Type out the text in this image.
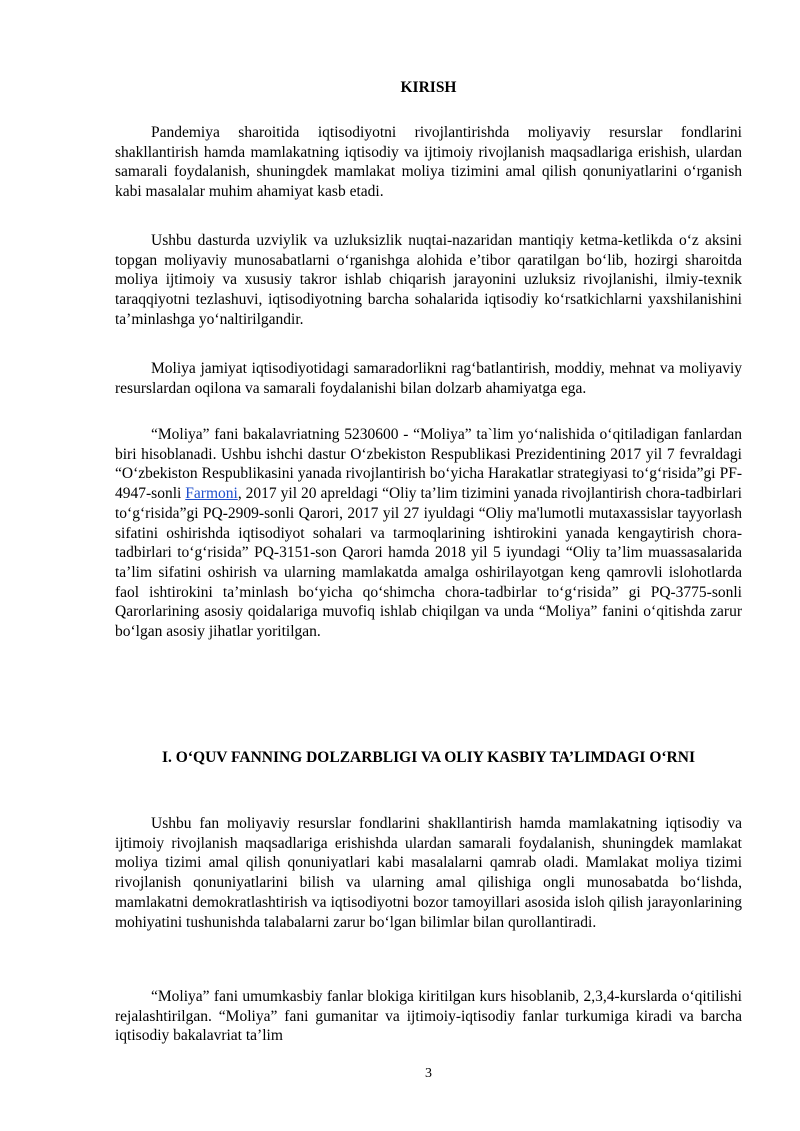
KIRISH

Pandemiya sharoitida iqtisodiyotni rivojlantirishda moliyaviy resurslar fondlarini shakllantirish hamda mamlakatning iqtisodiy va ijtimoiy rivojlanish maqsadlariga erishish, ulardan samarali foydalanish, shuningdek mamlakat moliya tizimini amal qilish qonuniyatlarini o‘rganish kabi masalalar muhim ahamiyat kasb etadi.

Ushbu dasturda uzviylik va uzluksizlik nuqtai-nazaridan mantiqiy ketma-ketlikda o‘z aksini topgan moliyaviy munosabatlarni o‘rganishga alohida e’tibor qaratilgan bo‘lib, hozirgi sharoitda moliya ijtimoiy va xususiy takror ishlab chiqarish jarayonini uzluksiz rivojlanishi, ilmiy-texnik taraqqiyotni tezlashuvi, iqtisodiyotning barcha sohalarida iqtisodiy ko‘rsatkichlarni yaxshilanishini ta’minlashga yo‘naltirilgandir.

Moliya jamiyat iqtisodiyotidagi samaradorlikni rag‘batlantirish, moddiy, mehnat va moliyaviy resurslardan oqilona va samarali foydalanishi bilan dolzarb ahamiyatga ega.

“Moliya” fani bakalavriatning 5230600 - “Moliya” ta`lim yo‘nalishida o‘qitiladigan fanlardan biri hisoblanadi. Ushbu ishchi dastur O‘zbekiston Respublikasi Prezidentining 2017 yil 7 fevraldagi “O‘zbekiston Respublikasini yanada rivojlantirish bo‘yicha Harakatlar strategiyasi to‘g‘risida”gi PF-4947-sonli Farmoni, 2017 yil 20 apreldagi “Oliy ta’lim tizimini yanada rivojlantirish chora-tadbirlari to‘g‘risida”gi PQ-2909-sonli Qarori, 2017 yil 27 iyuldagi “Oliy ma'lumotli mutaxassislar tayyorlash sifatini oshirishda iqtisodiyot sohalari va tarmoqlarining ishtirokini yanada kengaytirish chora-tadbirlari to‘g‘risida” PQ-3151-son Qarori hamda 2018 yil 5 iyundagi “Oliy ta’lim muassasalarida ta’lim sifatini oshirish va ularning mamlakatda amalga oshirilayotgan keng qamrovli islohotlarda faol ishtirokini ta’minlash bo‘yicha qo‘shimcha chora-tadbirlar to‘g‘risida” gi PQ-3775-sonli Qarorlarining asosiy qoidalariga muvofiq ishlab chiqilgan va unda “Moliya” fanini o‘qitishda zarur bo‘lgan asosiy jihatlar yoritilgan.

I. O‘QUV FANNING DOLZARBLIGI VA OLIY KASBIY TA’LIMDAGI O‘RNI

Ushbu fan moliyaviy resurslar fondlarini shakllantirish hamda mamlakatning iqtisodiy va ijtimoiy rivojlanish maqsadlariga erishishda ulardan samarali foydalanish, shuningdek mamlakat moliya tizimi amal qilish qonuniyatlari kabi masalalarni qamrab oladi. Mamlakat moliya tizimi rivojlanish qonuniyatlarini bilish va ularning amal qilishiga ongli munosabatda bo‘lishda, mamlakatni demokratlashtirish va iqtisodiyotni bozor tamoyillari asosida isloh qilish jarayonlarining mohiyatini tushunishda talabalarni zarur bo‘lgan bilimlar bilan qurollantiradi.

“Moliya” fani umumkasbiy fanlar blokiga kiritilgan kurs hisoblanib, 2,3,4-kurslarda o‘qitilishi rejalashtirilgan. “Moliya” fani gumanitar va ijtimoiy-iqtisodiy fanlar turkumiga kiradi va barcha iqtisodiy bakalavriat ta’lim

3
